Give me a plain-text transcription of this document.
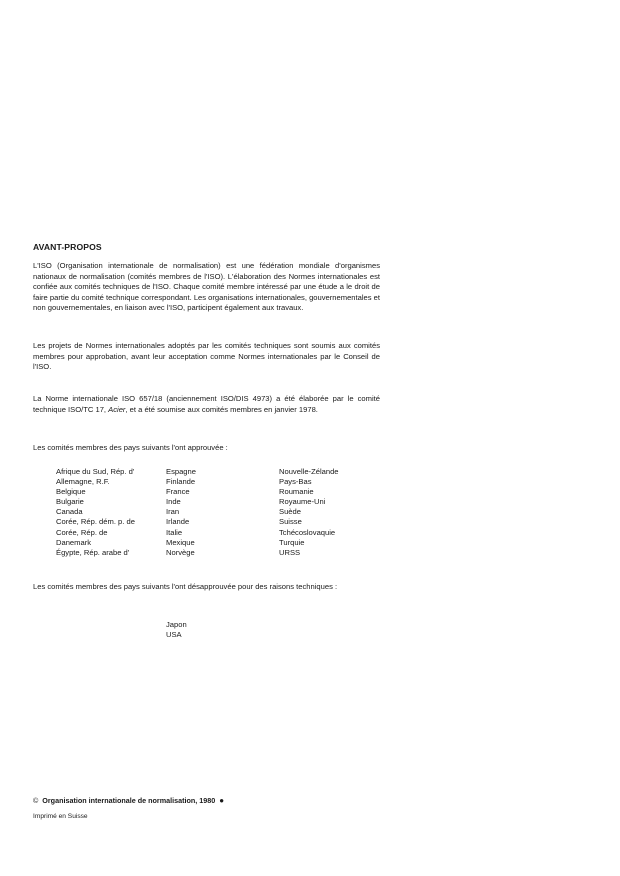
AVANT-PROPOS

L'ISO (Organisation internationale de normalisation) est une fédération mondiale d'organismes nationaux de normalisation (comités membres de l'ISO). L'élaboration des Normes internationales est confiée aux comités techniques de l'ISO. Chaque comité membre intéressé par une étude a le droit de faire partie du comité technique correspondant. Les organisations internationales, gouvernementales et non gouvernementales, en liaison avec l'ISO, participent également aux travaux.

Les projets de Normes internationales adoptés par les comités techniques sont soumis aux comités membres pour approbation, avant leur acceptation comme Normes internationales par le Conseil de l'ISO.

La Norme internationale ISO 657/18 (anciennement ISO/DIS 4973) a été élaborée par le comité technique ISO/TC 17, Acier, et a été soumise aux comités membres en janvier 1978.

Les comités membres des pays suivants l'ont approuvée :

Afrique du Sud, Rép. d'
Allemagne, R.F.
Belgique
Bulgarie
Canada
Corée, Rép. dém. p. de
Corée, Rép. de
Danemark
Égypte, Rép. arabe d'
Espagne
Finlande
France
Inde
Iran
Irlande
Italie
Mexique
Norvège
Nouvelle-Zélande
Pays-Bas
Roumanie
Royaume-Uni
Suède
Suisse
Tchécoslovaquie
Turquie
URSS

Les comités membres des pays suivants l'ont désapprouvée pour des raisons techniques :

Japon
USA
© Organisation internationale de normalisation, 1980 ●
Imprimé en Suisse
